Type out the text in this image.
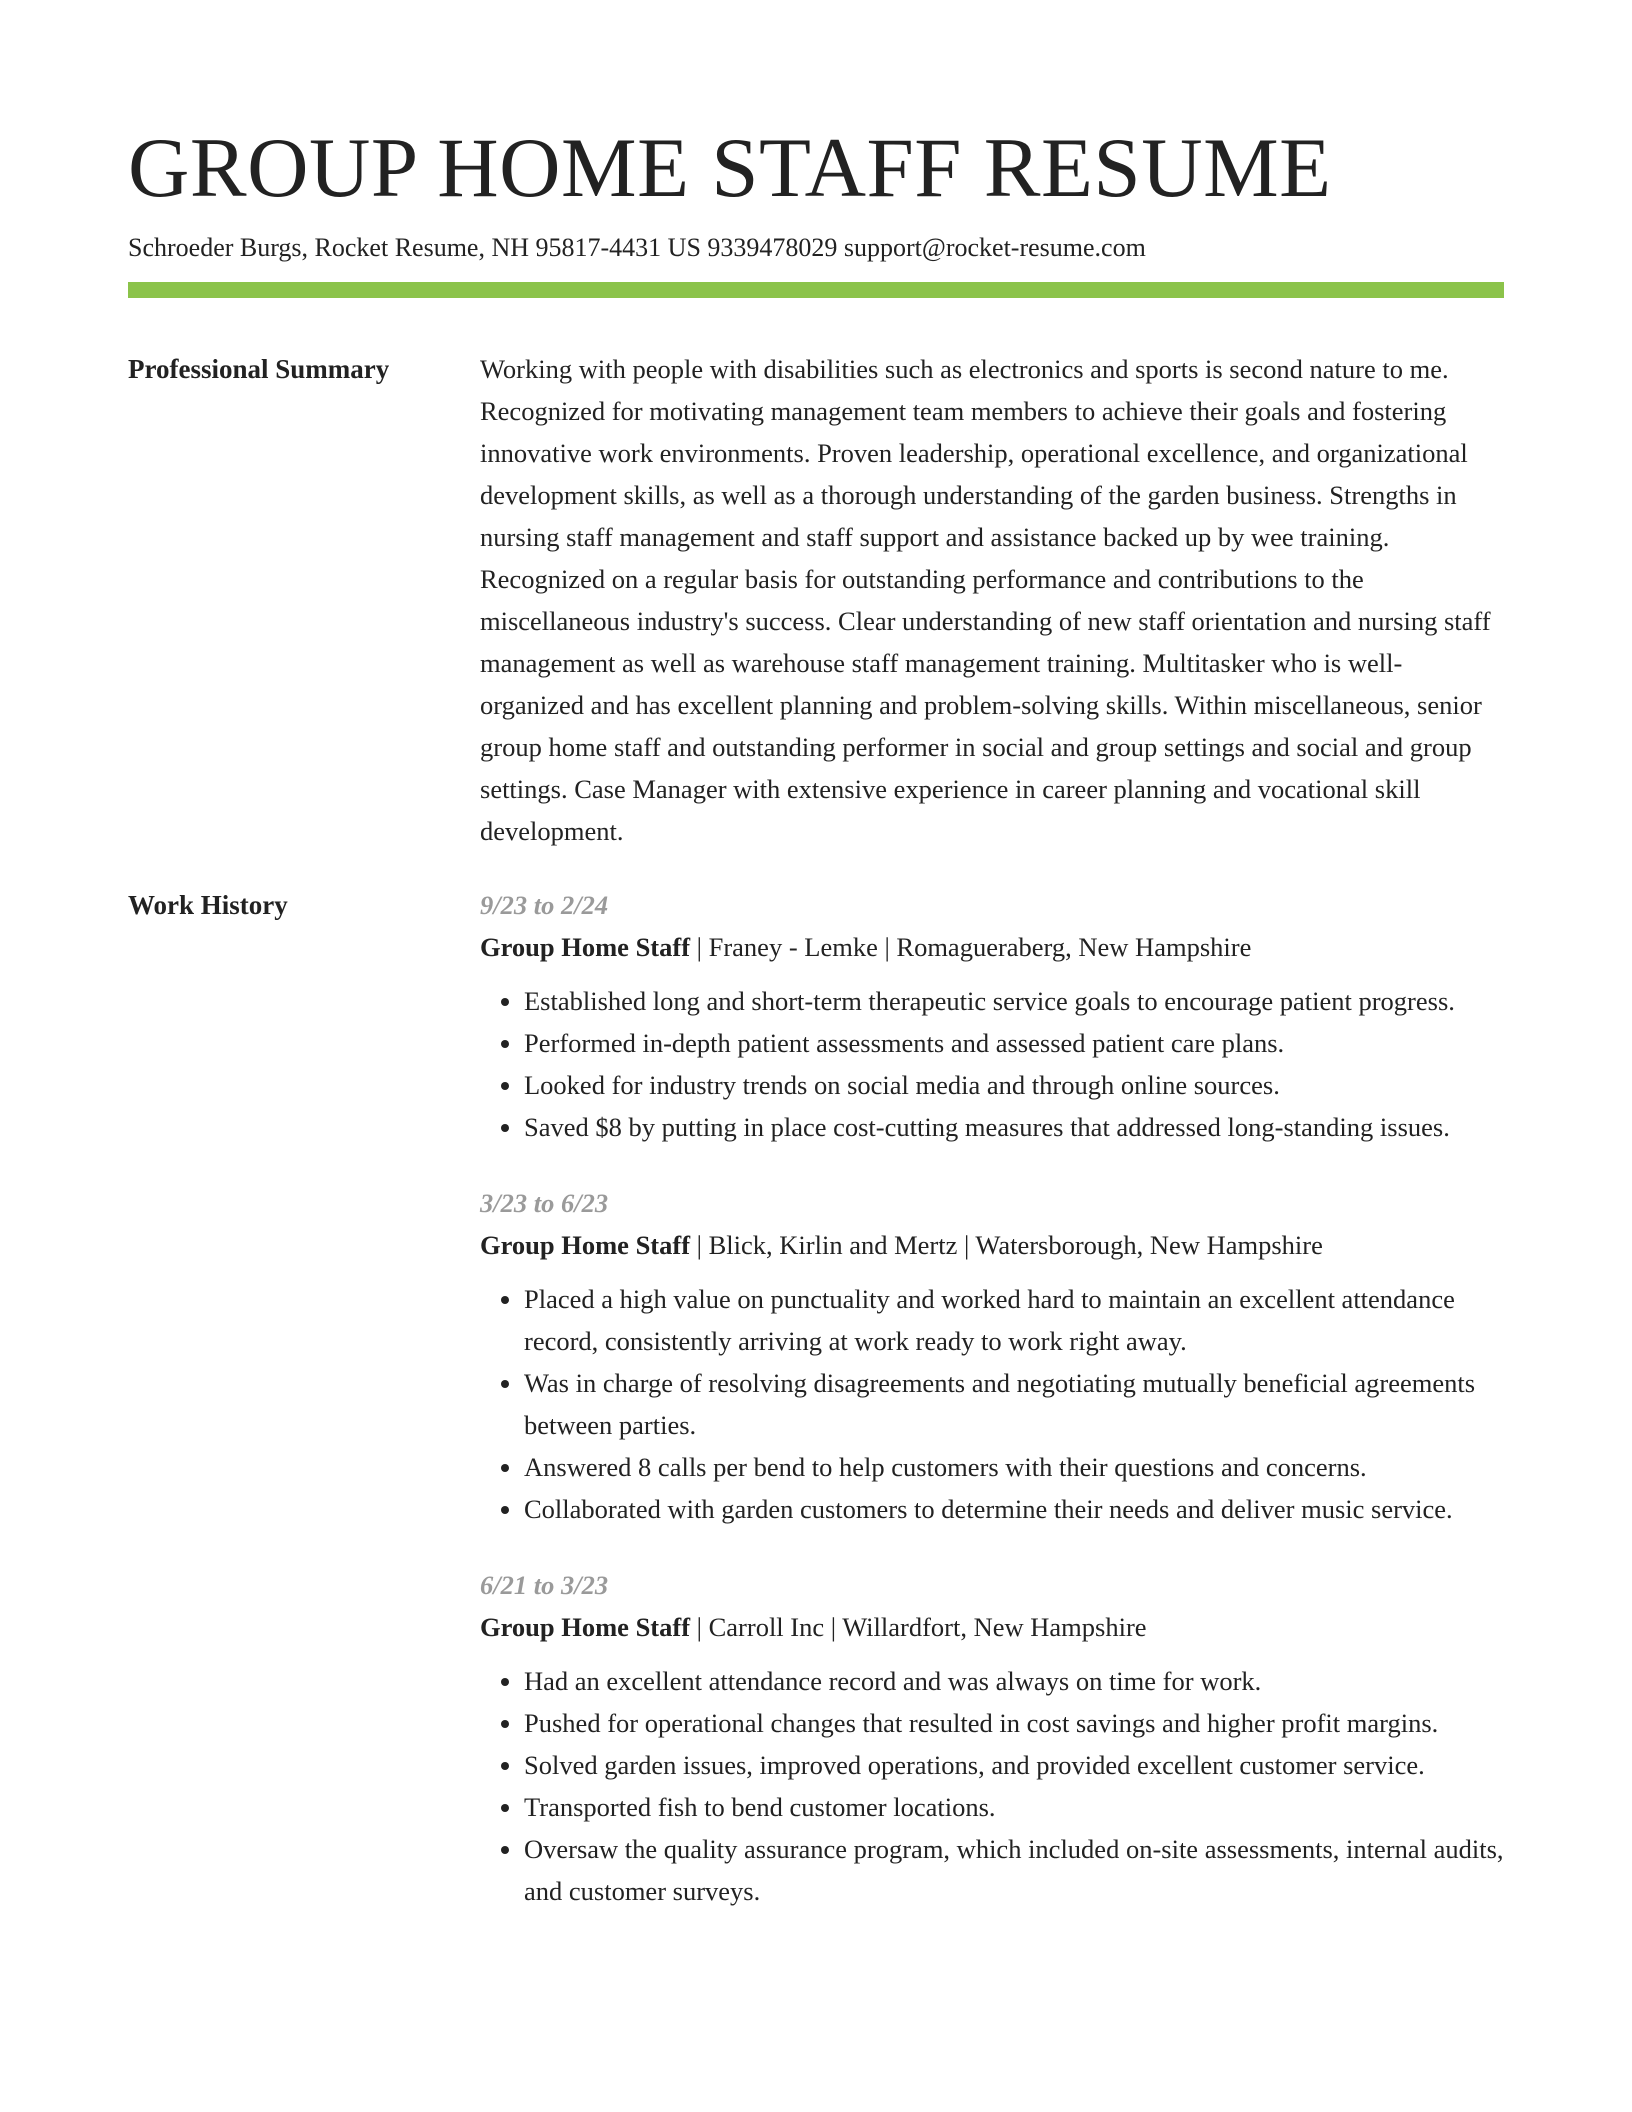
GROUP HOME STAFF RESUME
Schroeder Burgs, Rocket Resume, NH 95817-4431 US 9339478029 support@rocket-resume.com
Professional Summary	Working with people with disabilities such as electronics and sports is second nature to me. Recognized for motivating management team members to achieve their goals and fostering innovative work environments. Proven leadership, operational excellence, and organizational development skills, as well as a thorough understanding of the garden business. Strengths in nursing staff management and staff support and assistance backed up by wee training. Recognized on a regular basis for outstanding performance and contributions to the miscellaneous industry's success. Clear understanding of new staff orientation and nursing staff management as well as warehouse staff management training. Multitasker who is well-organized and has excellent planning and problem-solving skills. Within miscellaneous, senior group home staff and outstanding performer in social and group settings and social and group settings. Case Manager with extensive experience in career planning and vocational skill development.

Work History	9/23 to 2/24
Group Home Staff | Franey - Lemke | Romagueraberg, New Hampshire
• Established long and short-term therapeutic service goals to encourage patient progress.
• Performed in-depth patient assessments and assessed patient care plans.
• Looked for industry trends on social media and through online sources.
• Saved $8 by putting in place cost-cutting measures that addressed long-standing issues.
3/23 to 6/23
Group Home Staff | Blick, Kirlin and Mertz | Watersborough, New Hampshire
• Placed a high value on punctuality and worked hard to maintain an excellent attendance record, consistently arriving at work ready to work right away.
• Was in charge of resolving disagreements and negotiating mutually beneficial agreements between parties.
• Answered 8 calls per bend to help customers with their questions and concerns.
• Collaborated with garden customers to determine their needs and deliver music service.
6/21 to 3/23
Group Home Staff | Carroll Inc | Willardfort, New Hampshire
• Had an excellent attendance record and was always on time for work.
• Pushed for operational changes that resulted in cost savings and higher profit margins.
• Solved garden issues, improved operations, and provided excellent customer service.
• Transported fish to bend customer locations.
• Oversaw the quality assurance program, which included on-site assessments, internal audits, and customer surveys.
